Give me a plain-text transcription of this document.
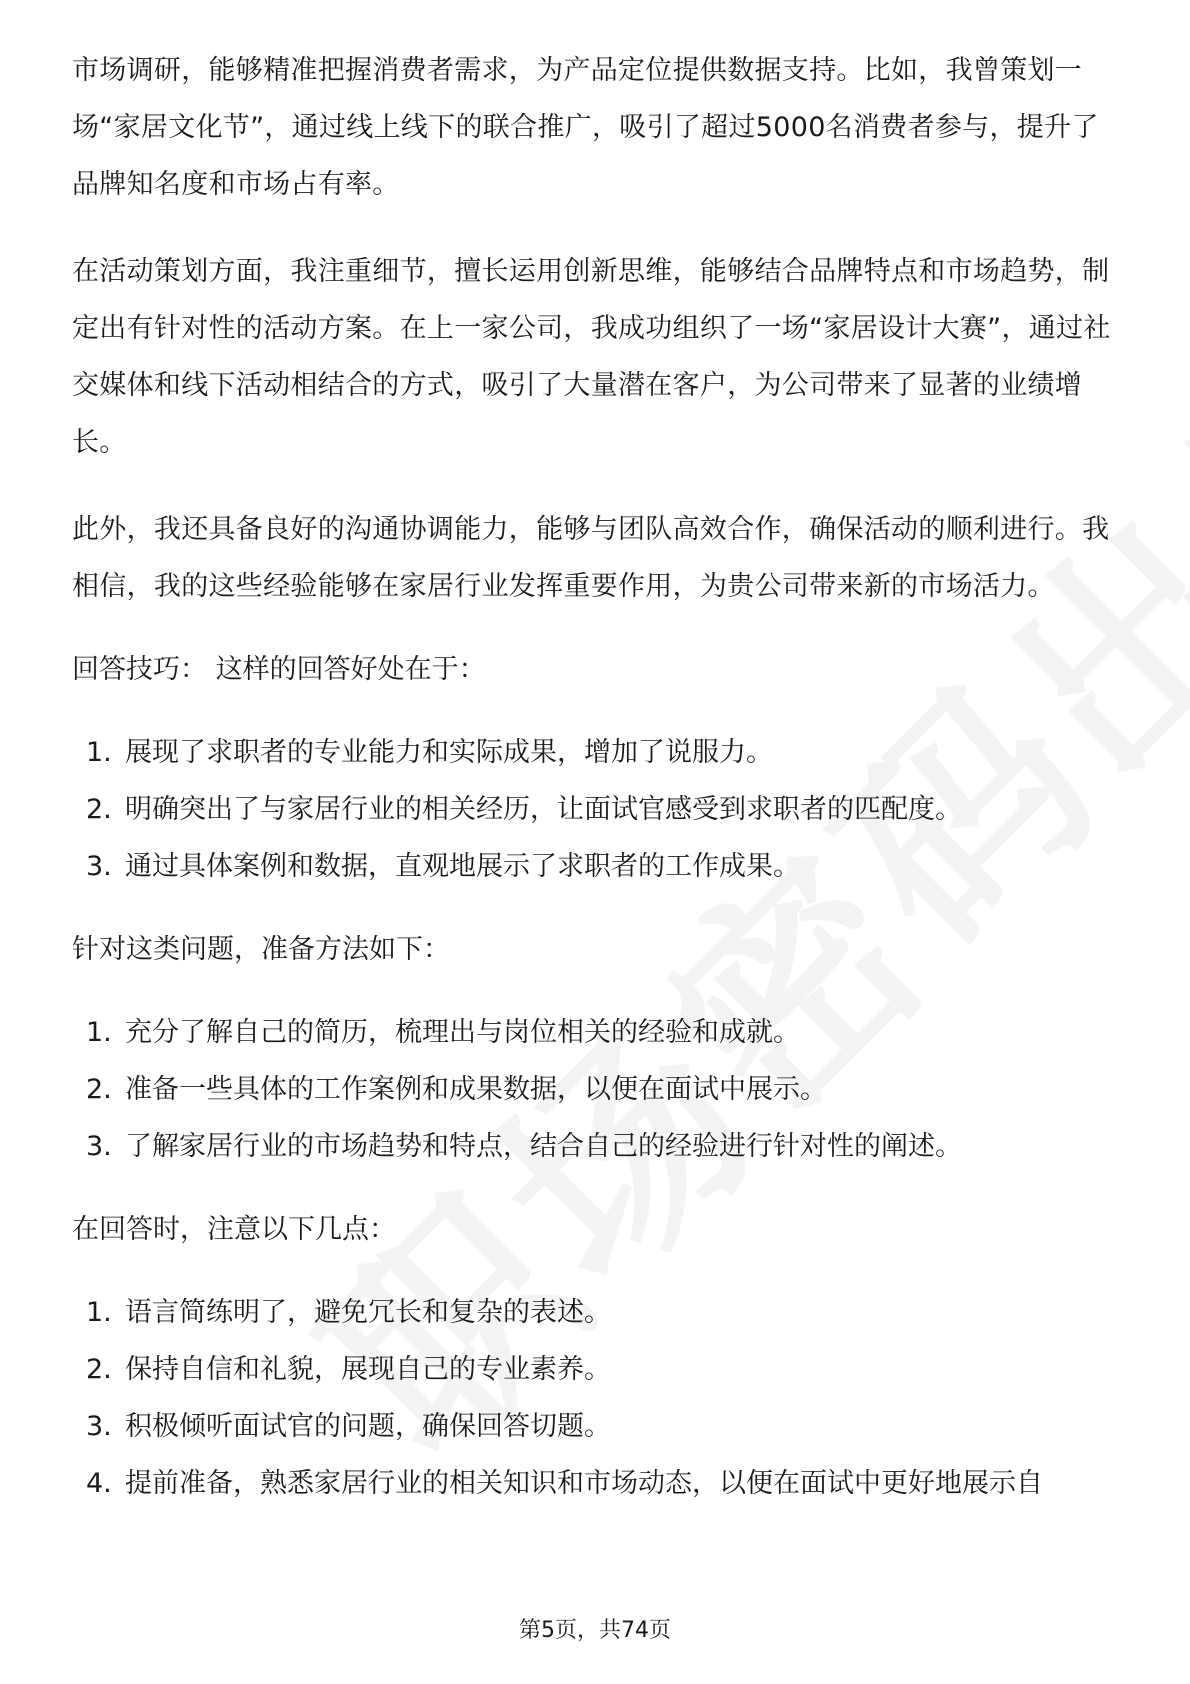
市场调研，能够精准把握消费者需求，为产品定位提供数据支持。比如，我曾策划一场“家居文化节”，通过线上线下的联合推广，吸引了超过5000名消费者参与，提升了品牌知名度和市场占有率。

在活动策划方面，我注重细节，擅长运用创新思维，能够结合品牌特点和市场趋势，制定出有针对性的活动方案。在上一家公司，我成功组织了一场“家居设计大赛”，通过社交媒体和线下活动相结合的方式，吸引了大量潜在客户，为公司带来了显著的业绩增长。

此外，我还具备良好的沟通协调能力，能够与团队高效合作，确保活动的顺利进行。我相信，我的这些经验能够在家居行业发挥重要作用，为贵公司带来新的市场活力。

回答技巧： 这样的回答好处在于：

1. 展现了求职者的专业能力和实际成果，增加了说服力。
2. 明确突出了与家居行业的相关经历，让面试官感受到求职者的匹配度。
3. 通过具体案例和数据，直观地展示了求职者的工作成果。

针对这类问题，准备方法如下：

1. 充分了解自己的简历，梳理出与岗位相关的经验和成就。
2. 准备一些具体的工作案例和成果数据，以便在面试中展示。
3. 了解家居行业的市场趋势和特点，结合自己的经验进行针对性的阐述。

在回答时，注意以下几点：

1. 语言简练明了，避免冗长和复杂的表述。
2. 保持自信和礼貌，展现自己的专业素养。
3. 积极倾听面试官的问题，确保回答切题。
4. 提前准备，熟悉家居行业的相关知识和市场动态，以便在面试中更好地展示自
第5页，共74页
